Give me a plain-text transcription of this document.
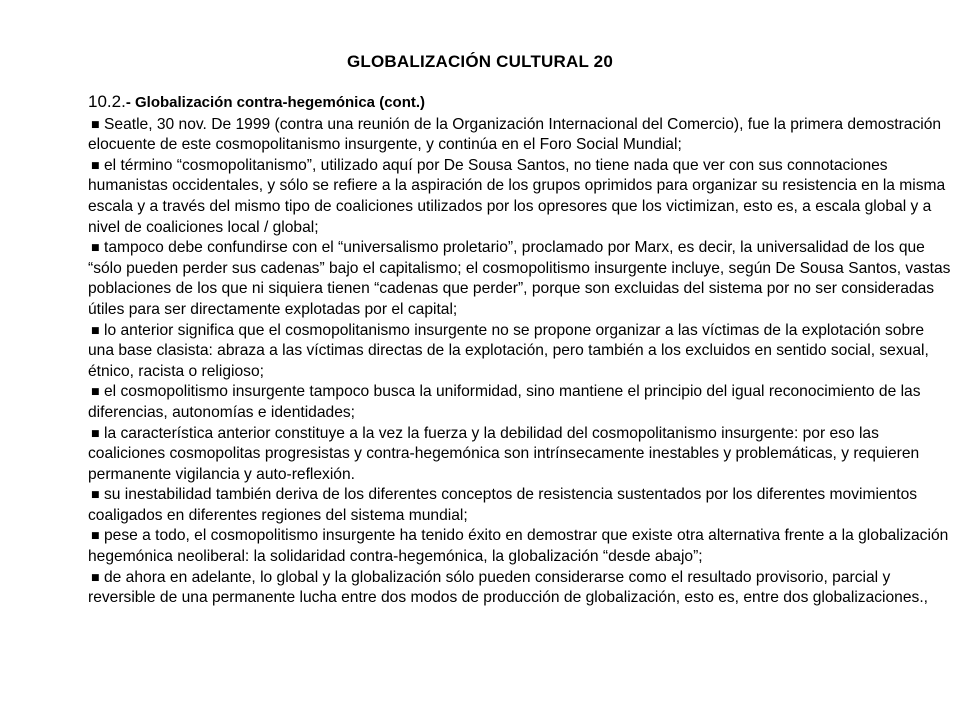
GLOBALIZACIÓN CULTURAL 20
10.2.- Globalización contra-hegemónica (cont.)

■ Seatle, 30 nov. De 1999 (contra una reunión de la Organización Internacional del Comercio), fue la primera demostración elocuente de este cosmopolitanismo insurgente, y continúa en el Foro Social Mundial;

■ el término “cosmopolitanismo”, utilizado aquí por De Sousa Santos, no tiene nada que ver con sus connotaciones humanistas occidentales, y sólo se refiere a la aspiración de los grupos oprimidos para organizar su resistencia en la misma escala y a través del mismo tipo de coaliciones utilizados por los opresores que los victimizan, esto es, a escala global y a nivel de coaliciones local / global;

■ tampoco debe confundirse con el “universalismo proletario”, proclamado por Marx, es decir, la universalidad de los que “sólo pueden perder sus cadenas” bajo el capitalismo; el cosmopolitismo insurgente incluye, según De Sousa Santos, vastas poblaciones de los que ni siquiera tienen “cadenas que perder”, porque son excluidas del sistema por no ser consideradas útiles para ser directamente explotadas por el capital;

■ lo anterior significa que el cosmopolitanismo insurgente no se propone organizar a las víctimas de la explotación sobre una base clasista: abraza a las víctimas directas de la explotación, pero también a los excluidos en sentido social, sexual, étnico, racista o religioso;

■ el cosmopolitismo insurgente tampoco busca la uniformidad, sino mantiene el principio del igual reconocimiento de las diferencias, autonomías e identidades;

■ la característica anterior constituye a la vez la fuerza y la debilidad del cosmopolitanismo insurgente: por eso las coaliciones cosmopolitas progresistas y contra-hegemónica son intrínsecamente inestables y problemáticas, y requieren permanente vigilancia y auto-reflexión.

■ su inestabilidad también deriva de los diferentes conceptos de resistencia sustentados por los diferentes movimientos coaligados en diferentes regiones del sistema mundial;

■ pese a todo, el cosmopolitismo insurgente ha tenido éxito en demostrar que existe otra alternativa frente a la globalización hegemónica neoliberal: la solidaridad contra-hegemónica, la globalización “desde abajo”;

■ de ahora en adelante, lo global y la globalización sólo pueden considerarse como el resultado provisorio, parcial y reversible de una permanente lucha entre dos modos de producción de globalización, esto es, entre dos globalizaciones.,
